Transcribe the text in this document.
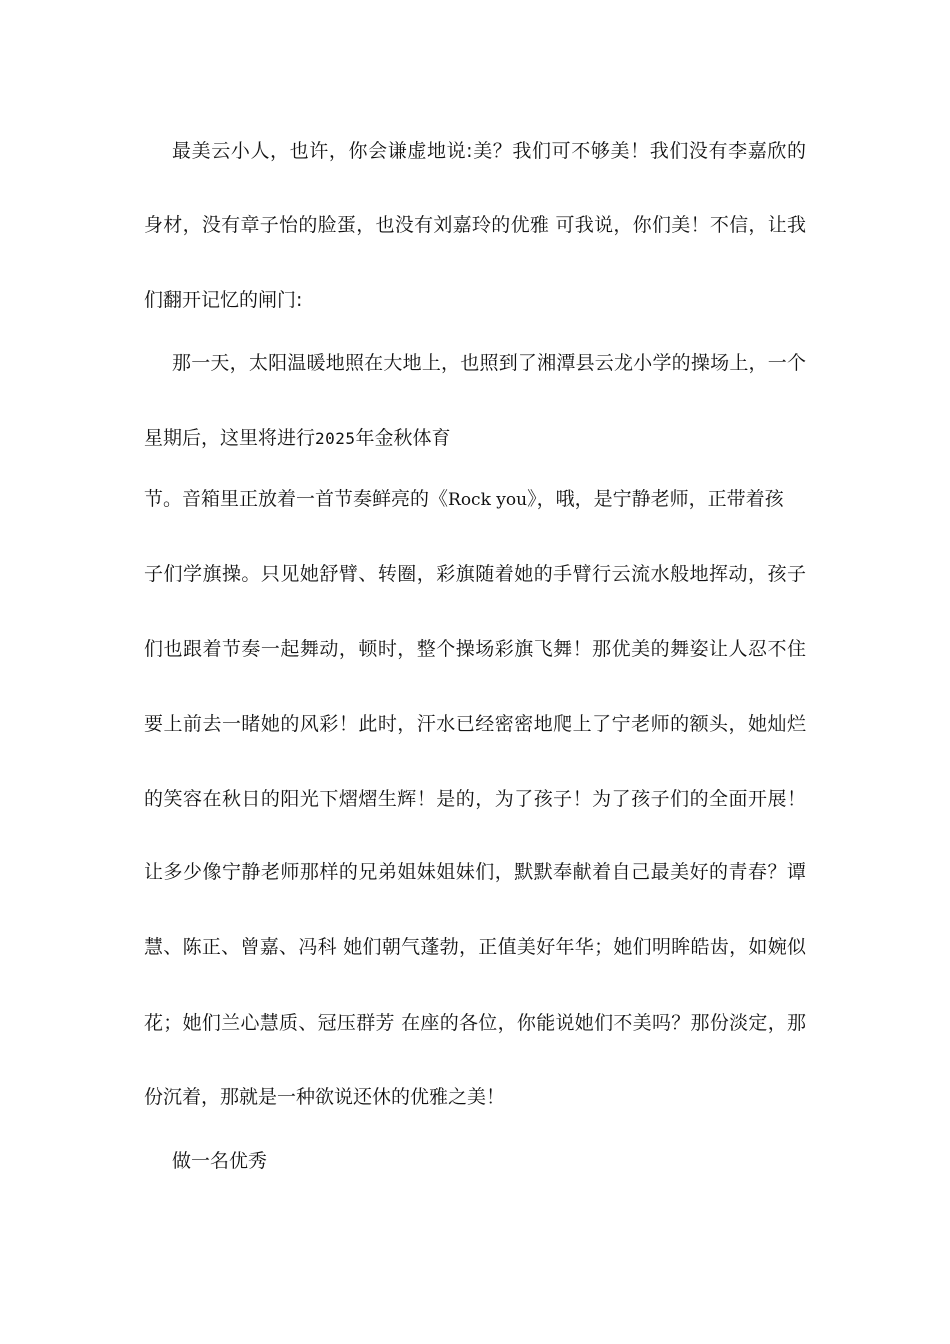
最美云小人，也许，你会谦虚地说:美？我们可不够美！我们没有李嘉欣的
身材，没有章子怡的脸蛋，也没有刘嘉玲的优雅 可我说，你们美！不信，让我
们翻开记忆的闸门:
那一天，太阳温暖地照在大地上，也照到了湘潭县云龙小学的操场上，一个
星期后，这里将进行2025年金秋体育
节。音箱里正放着一首节奏鲜亮的《Rock you》，哦，是宁静老师，正带着孩
子们学旗操。只见她舒臂、转圈，彩旗随着她的手臂行云流水般地挥动，孩子
们也跟着节奏一起舞动，顿时，整个操场彩旗飞舞！那优美的舞姿让人忍不住
要上前去一睹她的风彩！此时，汗水已经密密地爬上了宁老师的额头，她灿烂
的笑容在秋日的阳光下熠熠生辉！是的，为了孩子！为了孩子们的全面开展！
让多少像宁静老师那样的兄弟姐妹姐妹们，默默奉献着自己最美好的青春？谭
慧、陈正、曾嘉、冯科 她们朝气蓬勃，正值美好年华；她们明眸皓齿，如婉似
花；她们兰心慧质、冠压群芳 在座的各位，你能说她们不美吗？那份淡定，那
份沉着，那就是一种欲说还休的优雅之美！
做一名优秀
